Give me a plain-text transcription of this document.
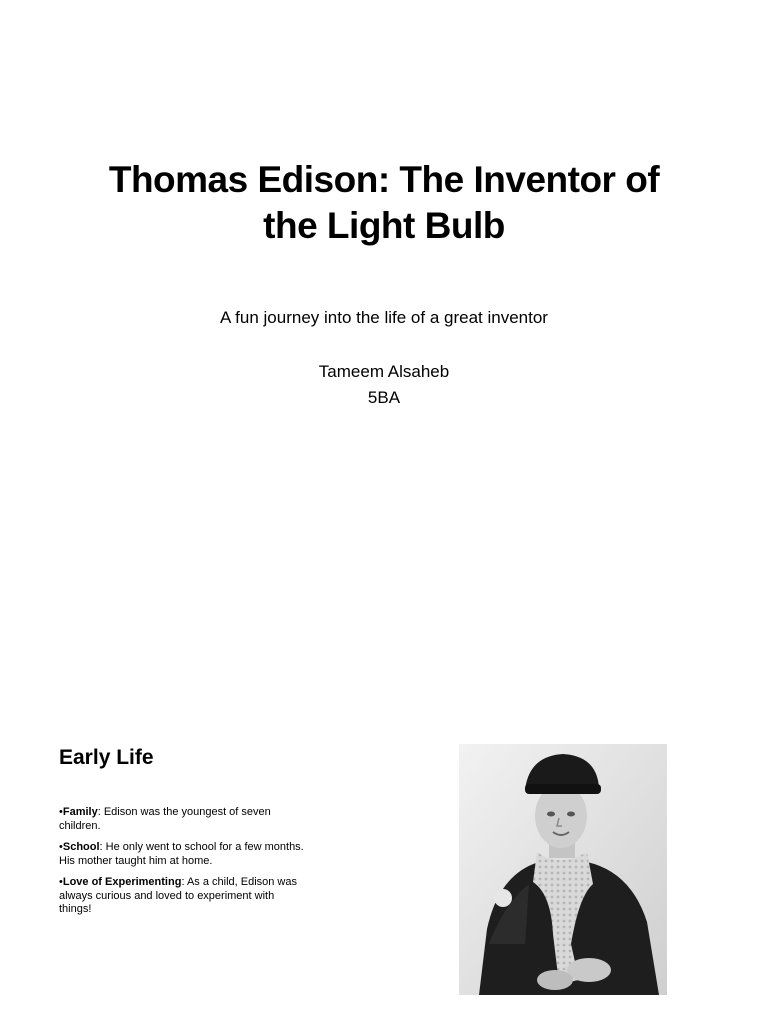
Thomas Edison: The Inventor of the Light Bulb
A fun journey into the life of a great inventor
Tameem Alsaheb
5BA
Early Life
•Family: Edison was the youngest of seven children.
•School: He only went to school for a few months. His mother taught him at home.
•Love of Experimenting: As a child, Edison was always curious and loved to experiment with things!
